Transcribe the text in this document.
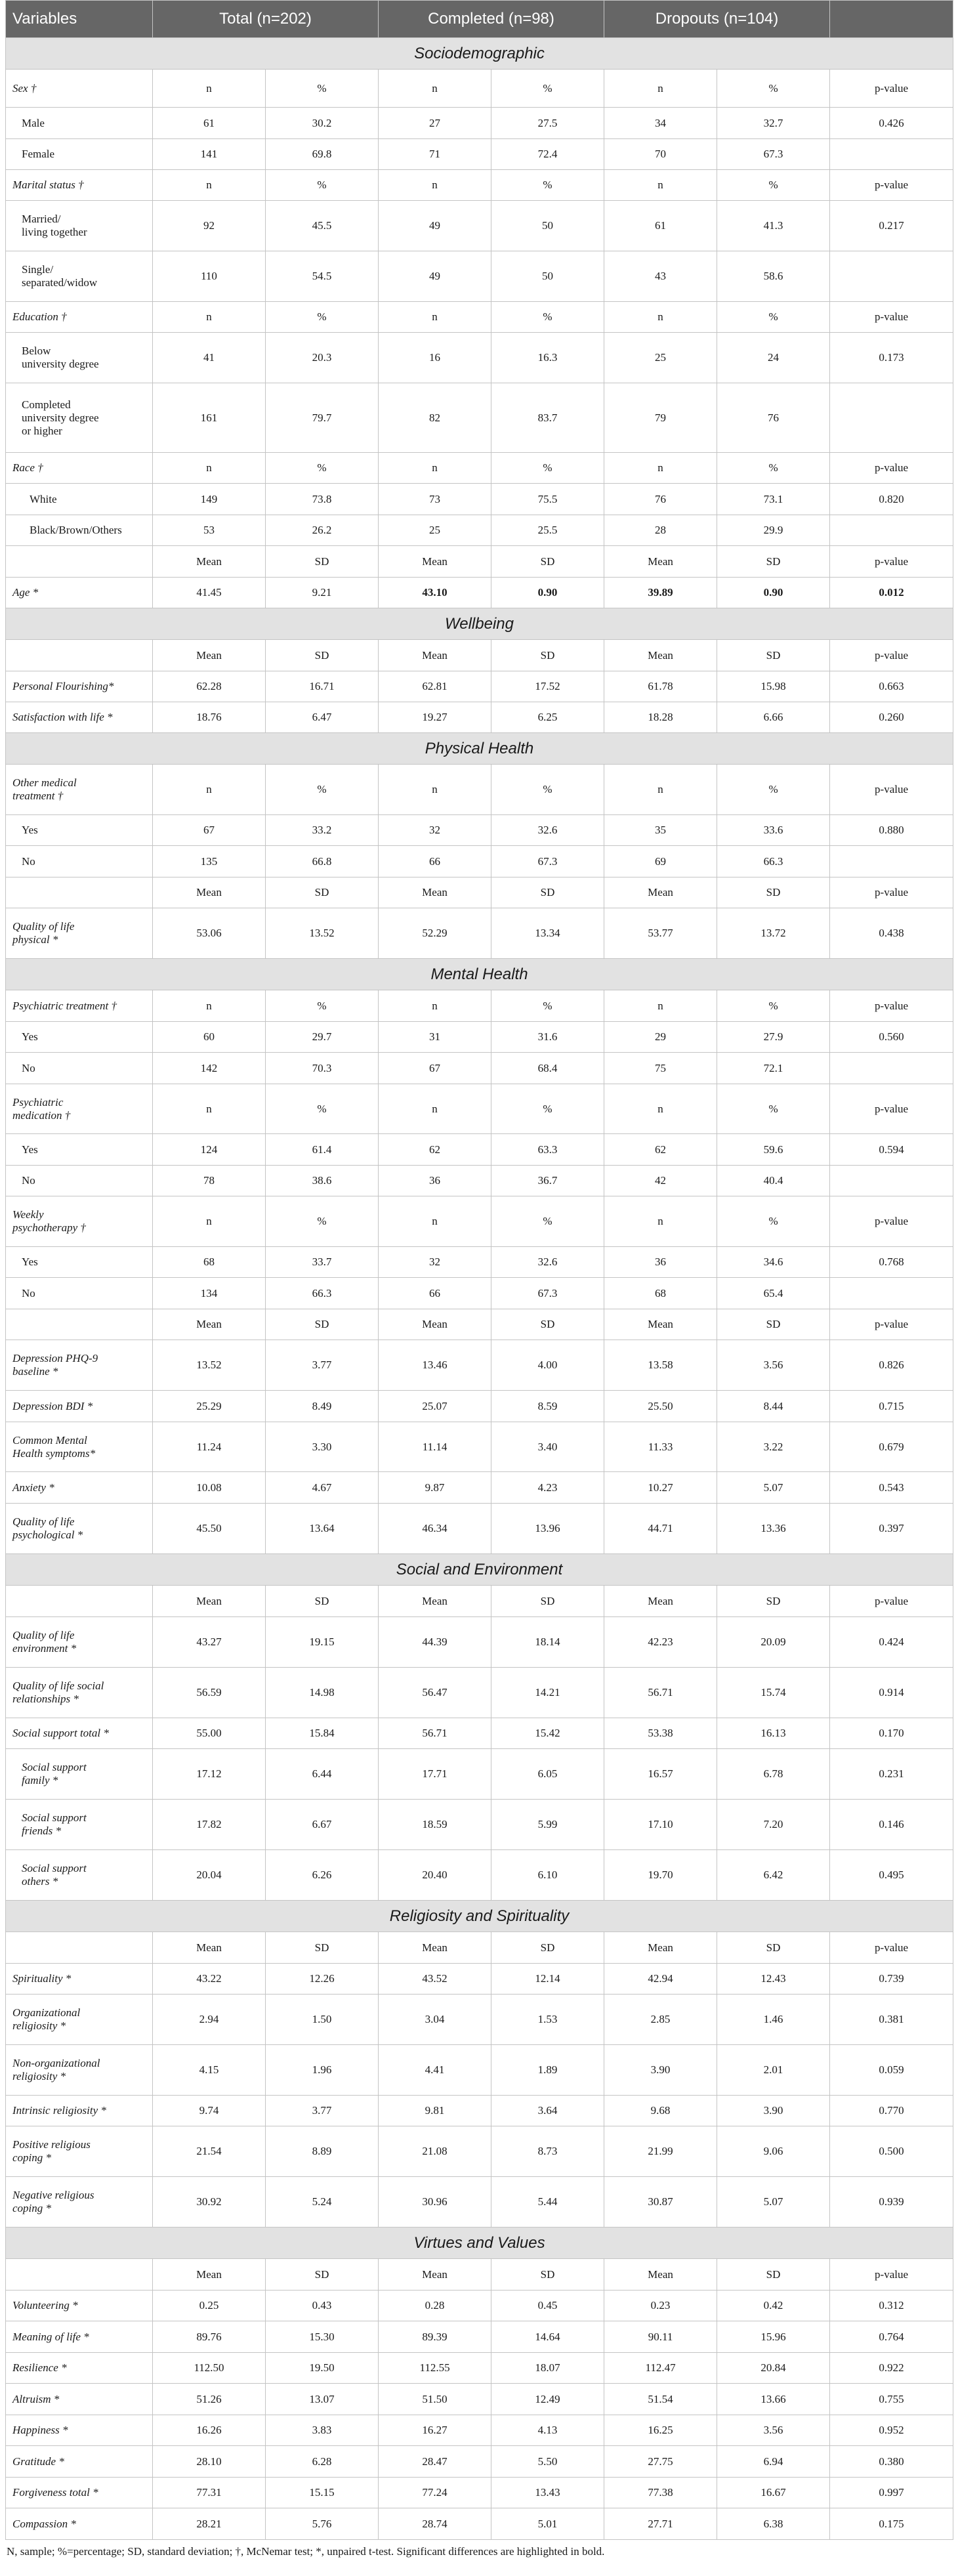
Variables	Total (n=202)		Completed (n=98)		Dropouts (n=104)		
Sociodemographic							
Sex †	n	%	n	%	n	%	p-value
Male	61	30.2	27	27.5	34	32.7	0.426
Female	141	69.8	71	72.4	70	67.3	
Marital status †	n	%	n	%	n	%	p-value
Married/
living together	92	45.5	49	50	61	41.3	0.217
Single/
separated/widow	110	54.5	49	50	43	58.6	
Education †	n	%	n	%	n	%	p-value
Below
university degree	41	20.3	16	16.3	25	24	0.173
Completed
university degree
or higher	161	79.7	82	83.7	79	76	
Race †	n	%	n	%	n	%	p-value
White	149	73.8	73	75.5	76	73.1	0.820
Black/Brown/Others	53	26.2	25	25.5	28	29.9	
	Mean	SD	Mean	SD	Mean	SD	p-value
Age *	41.45	9.21	43.10	0.90	39.89	0.90	0.012
Wellbeing							
	Mean	SD	Mean	SD	Mean	SD	p-value
Personal Flourishing*	62.28	16.71	62.81	17.52	61.78	15.98	0.663
Satisfaction with life *	18.76	6.47	19.27	6.25	18.28	6.66	0.260
Physical Health							
Other medical
treatment †	n	%	n	%	n	%	p-value
Yes	67	33.2	32	32.6	35	33.6	0.880
No	135	66.8	66	67.3	69	66.3	
	Mean	SD	Mean	SD	Mean	SD	p-value
Quality of life
physical *	53.06	13.52	52.29	13.34	53.77	13.72	0.438
Mental Health							
Psychiatric treatment †	n	%	n	%	n	%	p-value
Yes	60	29.7	31	31.6	29	27.9	0.560
No	142	70.3	67	68.4	75	72.1	
Psychiatric
medication †	n	%	n	%	n	%	p-value
Yes	124	61.4	62	63.3	62	59.6	0.594
No	78	38.6	36	36.7	42	40.4	
Weekly
psychotherapy †	n	%	n	%	n	%	p-value
Yes	68	33.7	32	32.6	36	34.6	0.768
No	134	66.3	66	67.3	68	65.4	
	Mean	SD	Mean	SD	Mean	SD	p-value
Depression PHQ-9
baseline *	13.52	3.77	13.46	4.00	13.58	3.56	0.826
Depression BDI *	25.29	8.49	25.07	8.59	25.50	8.44	0.715
Common Mental
Health symptoms*	11.24	3.30	11.14	3.40	11.33	3.22	0.679
Anxiety *	10.08	4.67	9.87	4.23	10.27	5.07	0.543
Quality of life
psychological *	45.50	13.64	46.34	13.96	44.71	13.36	0.397
Social and Environment							
	Mean	SD	Mean	SD	Mean	SD	p-value
Quality of life
environment *	43.27	19.15	44.39	18.14	42.23	20.09	0.424
Quality of life social
relationships *	56.59	14.98	56.47	14.21	56.71	15.74	0.914
Social support total *	55.00	15.84	56.71	15.42	53.38	16.13	0.170
Social support
family *	17.12	6.44	17.71	6.05	16.57	6.78	0.231
Social support
friends *	17.82	6.67	18.59	5.99	17.10	7.20	0.146
Social support
others *	20.04	6.26	20.40	6.10	19.70	6.42	0.495
Religiosity and Spirituality							
	Mean	SD	Mean	SD	Mean	SD	p-value
Spirituality *	43.22	12.26	43.52	12.14	42.94	12.43	0.739
Organizational
religiosity *	2.94	1.50	3.04	1.53	2.85	1.46	0.381
Non-organizational
religiosity *	4.15	1.96	4.41	1.89	3.90	2.01	0.059
Intrinsic religiosity *	9.74	3.77	9.81	3.64	9.68	3.90	0.770
Positive religious
coping *	21.54	8.89	21.08	8.73	21.99	9.06	0.500
Negative religious
coping *	30.92	5.24	30.96	5.44	30.87	5.07	0.939
Virtues and Values							
	Mean	SD	Mean	SD	Mean	SD	p-value
Volunteering *	0.25	0.43	0.28	0.45	0.23	0.42	0.312
Meaning of life *	89.76	15.30	89.39	14.64	90.11	15.96	0.764
Resilience *	112.50	19.50	112.55	18.07	112.47	20.84	0.922
Altruism *	51.26	13.07	51.50	12.49	51.54	13.66	0.755
Happiness *	16.26	3.83	16.27	4.13	16.25	3.56	0.952
Gratitude *	28.10	6.28	28.47	5.50	27.75	6.94	0.380
Forgiveness total *	77.31	15.15	77.24	13.43	77.38	16.67	0.997
Compassion *	28.21	5.76	28.74	5.01	27.71	6.38	0.175
N, sample; %=percentage; SD, standard deviation; †, McNemar test; *, unpaired t-test. Significant differences are highlighted in bold.
